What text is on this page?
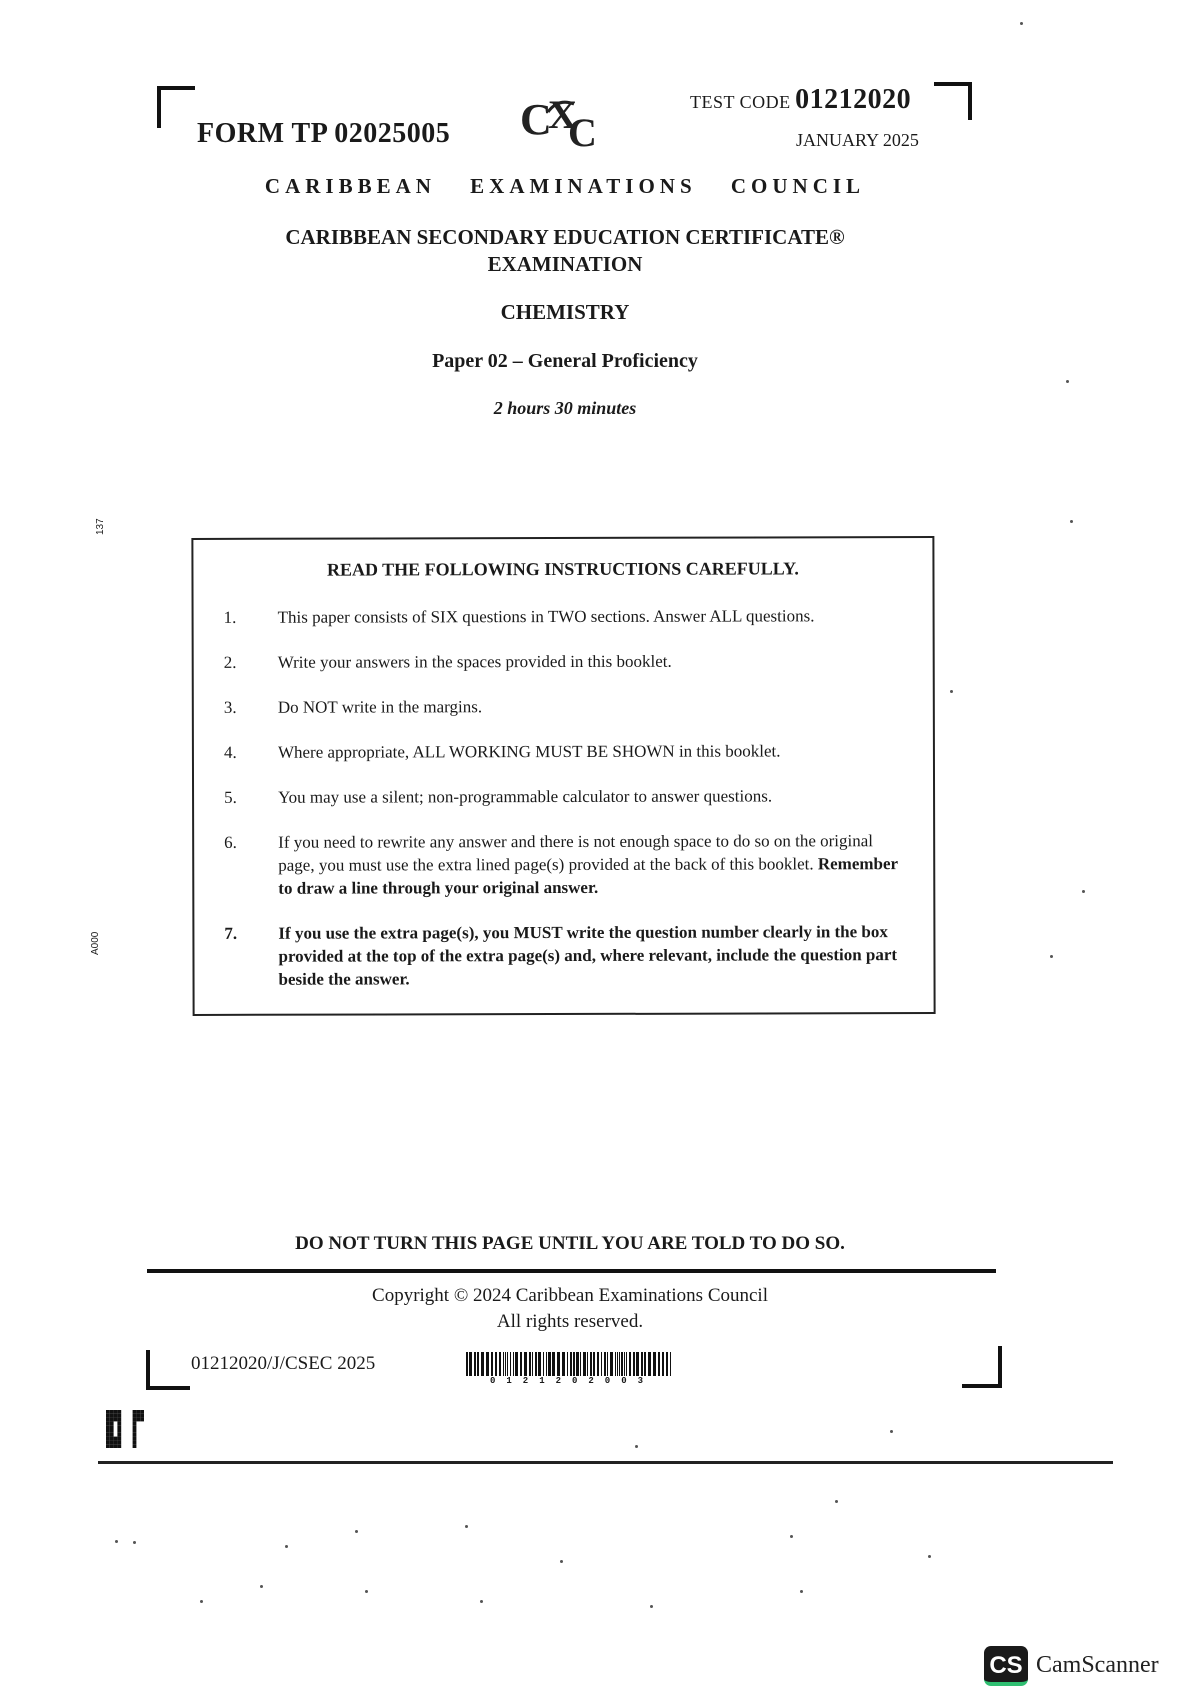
FORM TP 02025005 C
X
C
TEST CODE 01212020
JANUARY 2025
CARIBBEAN EXAMINATIONS COUNCIL
CARIBBEAN SECONDARY EDUCATION CERTIFICATE®
EXAMINATION
CHEMISTRY
Paper 02 – General Proficiency
2 hours 30 minutes
137
A000
READ THE FOLLOWING INSTRUCTIONS CAREFULLY.
1. This paper consists of SIX questions in TWO sections. Answer ALL questions.
2. Write your answers in the spaces provided in this booklet.
3. Do NOT write in the margins.
4. Where appropriate, ALL WORKING MUST BE SHOWN in this booklet.
5. You may use a silent; non-programmable calculator to answer questions.
6. If you need to rewrite any answer and there is not enough space to do so on the original page, you must use the extra lined page(s) provided at the back of this booklet. Remember to draw a line through your original answer.
7. If you use the extra page(s), you MUST write the question number clearly in the box provided at the top of the extra page(s) and, where relevant, include the question part beside the answer.
DO NOT TURN THIS PAGE UNTIL YOU ARE TOLD TO DO SO.
Copyright © 2024 Caribbean Examinations Council
All rights reserved.
01212020/J/CSEC 2025
0121202003
CS CamScanner
